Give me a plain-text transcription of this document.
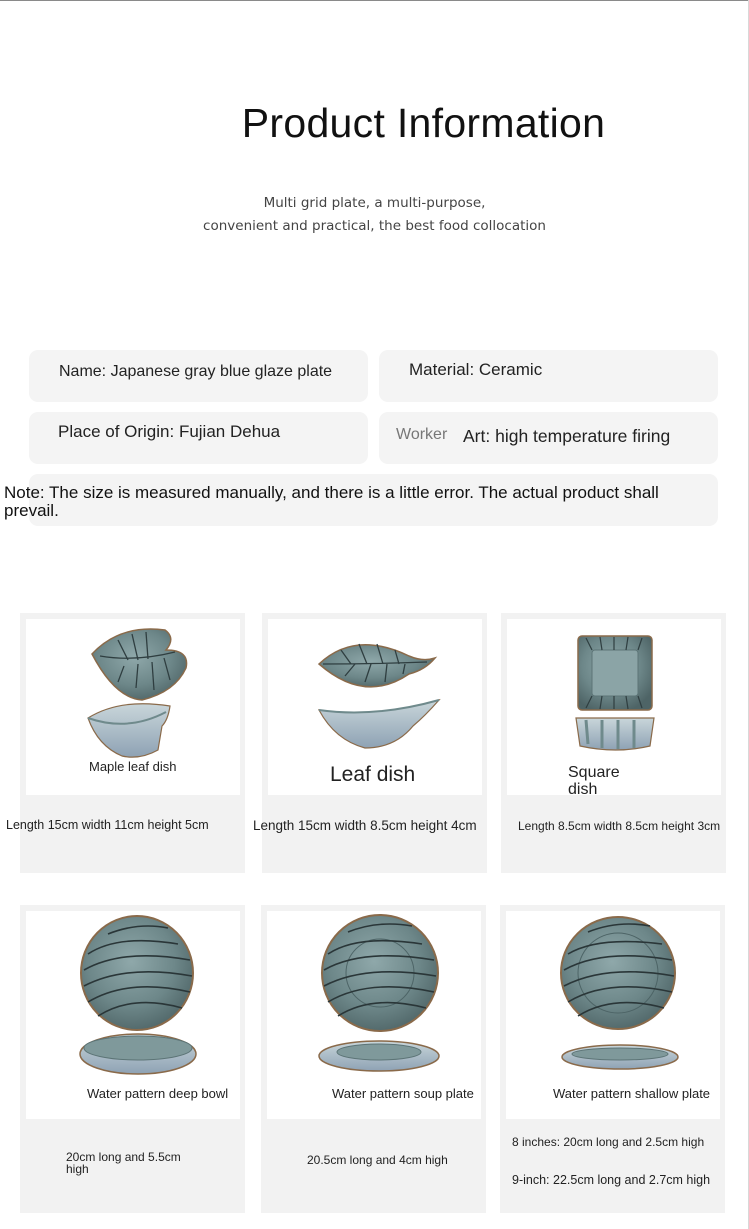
Product Information
Multi grid plate, a multi-purpose,
convenient and practical, the best food collocation
Name: Japanese gray blue glaze plate	Material: Ceramic
Place of Origin: Fujian Dehua	Worker Art: high temperature firing
Note: The size is measured manually, and there is a little error. The actual product shall prevail.
Maple leaf dish
Length 15cm width 11cm height 5cm
Leaf dish
Length 15cm width 8.5cm height 4cm
Square dish
Length 8.5cm width 8.5cm height 3cm
Water pattern deep bowl
20cm long and 5.5cm high
Water pattern soup plate
20.5cm long and 4cm high
Water pattern shallow plate
8 inches: 20cm long and 2.5cm high
9-inch: 22.5cm long and 2.7cm high
